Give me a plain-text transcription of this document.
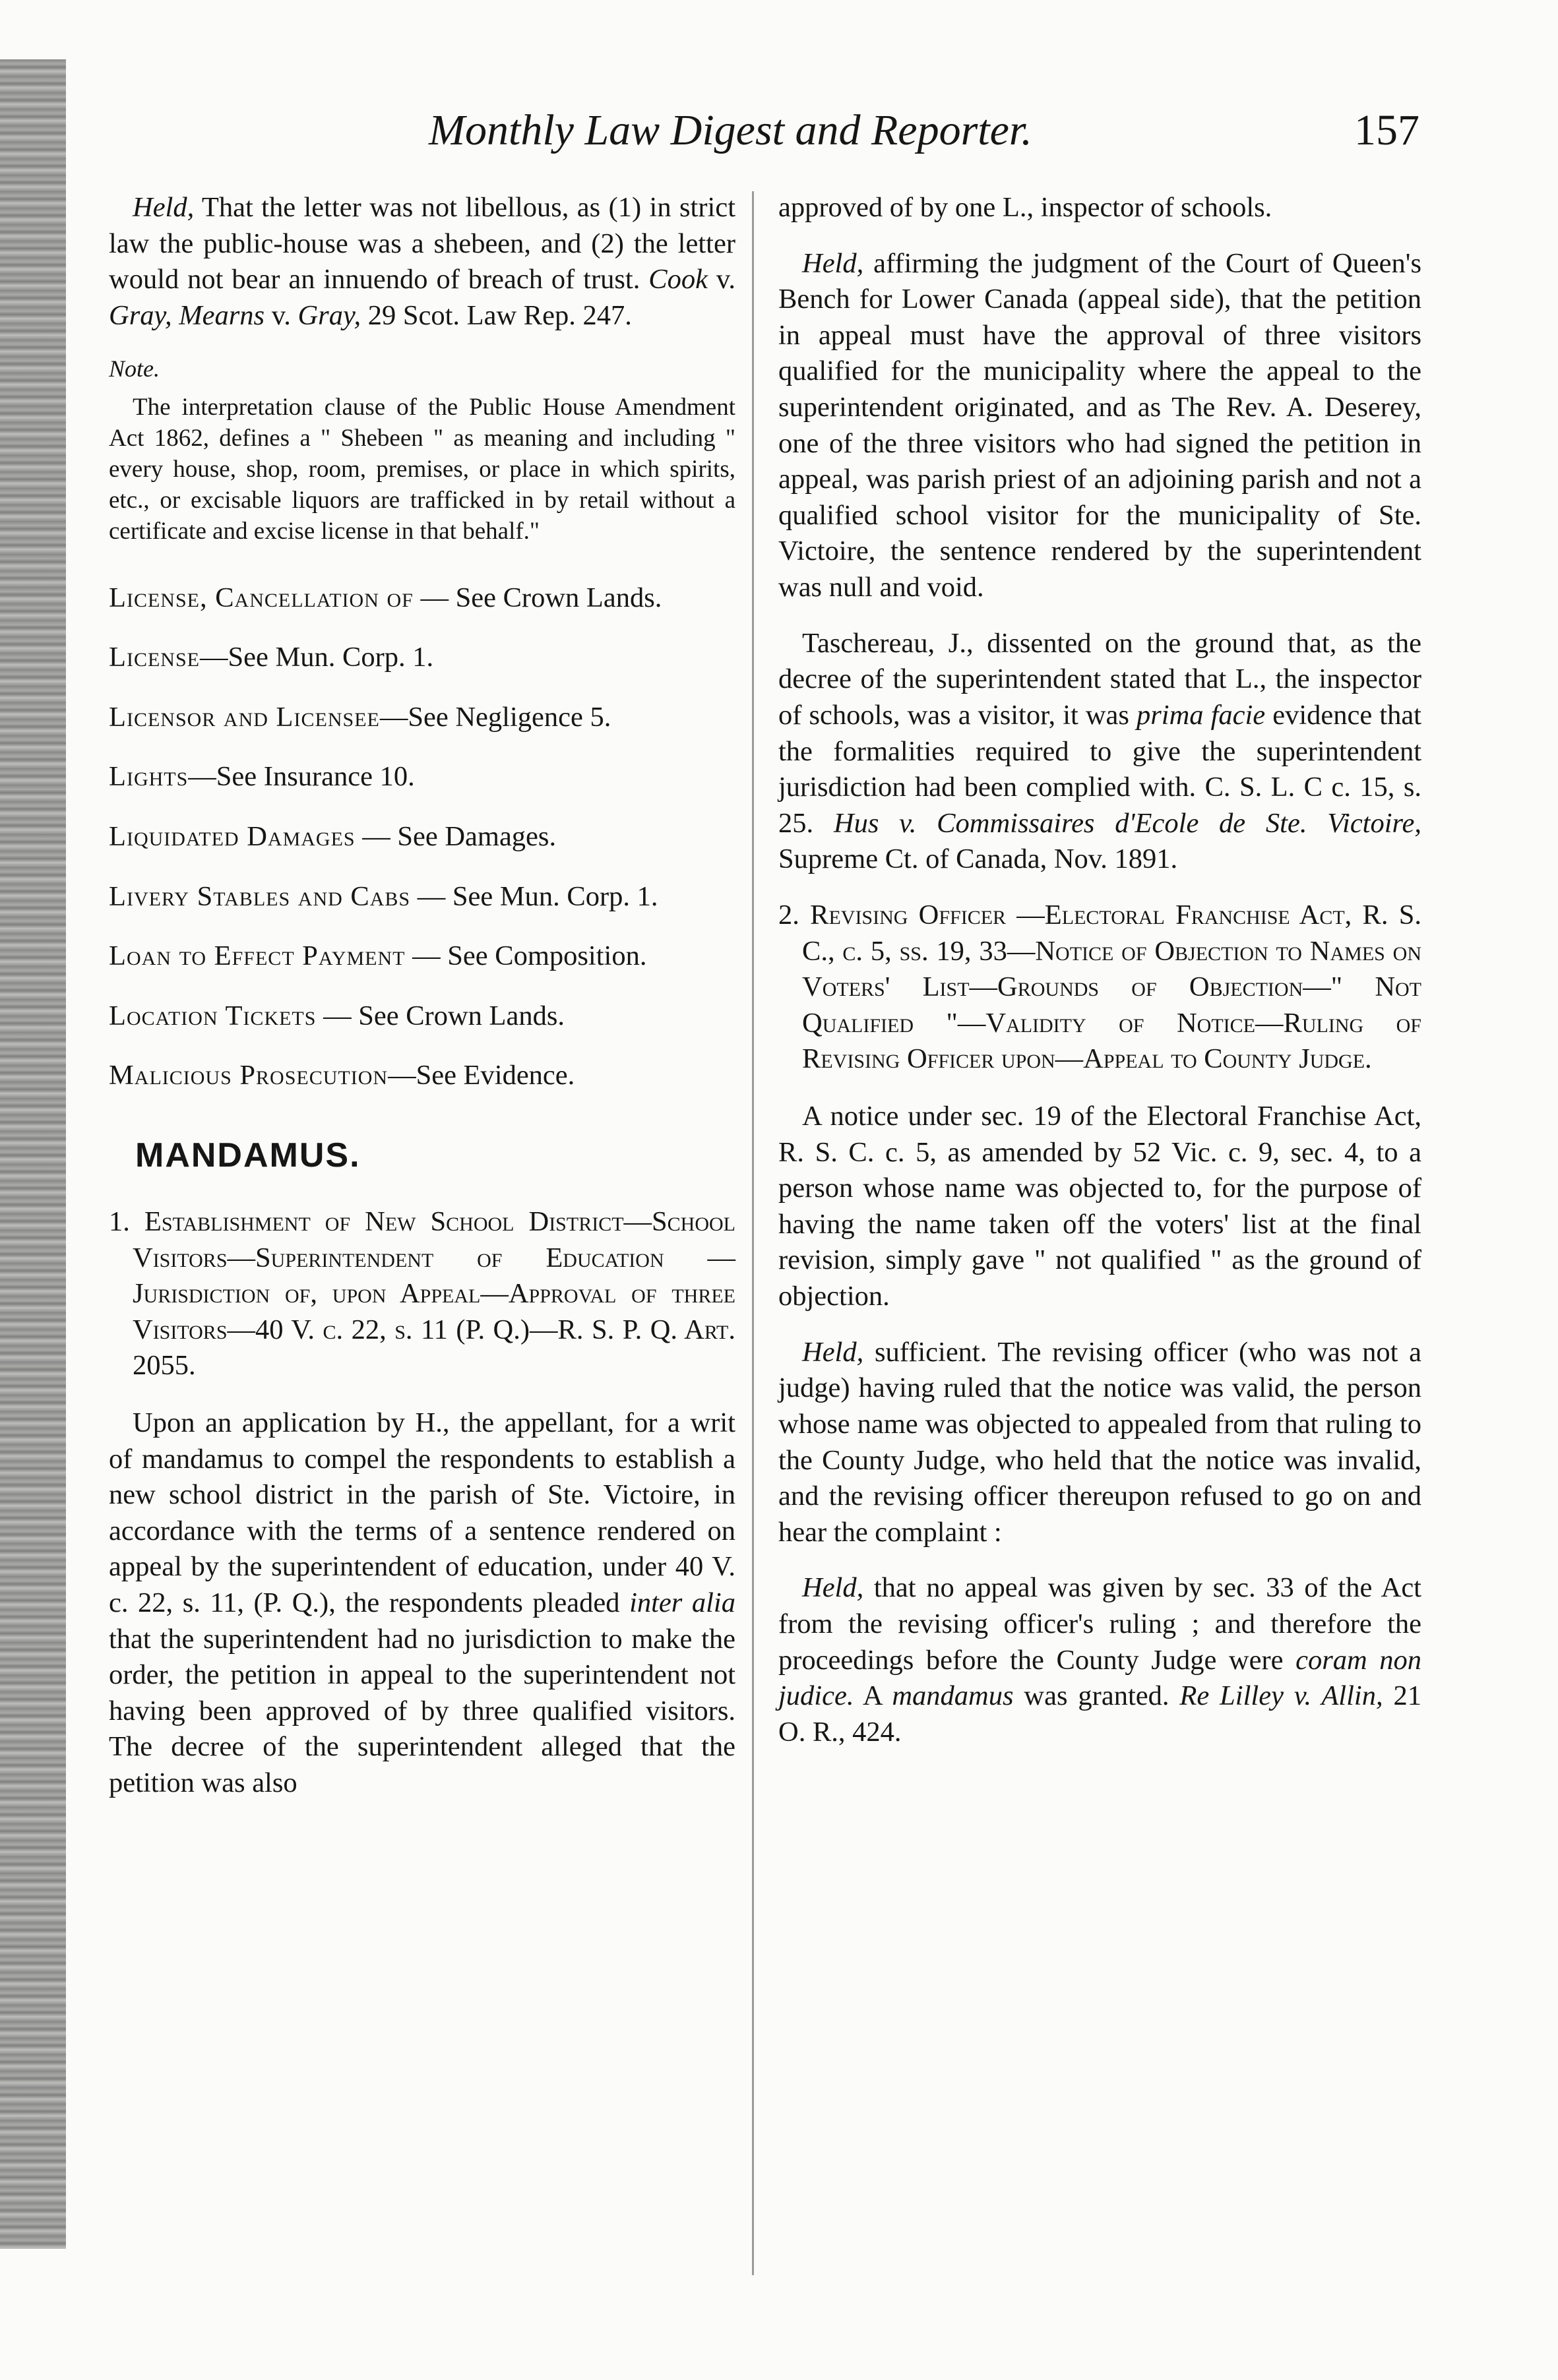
Monthly Law Digest and Reporter.	157

Held, That the letter was not libellous, as (1) in strict law the public-house was a shebeen, and (2) the letter would not bear an innuendo of breach of trust. Cook v. Gray, Mearns v. Gray, 29 Scot. Law Rep. 247.

Note.

The interpretation clause of the Public House Amendment Act 1862, defines a " Shebeen " as meaning and including " every house, shop, room, premises, or place in which spirits, etc., or excisable liquors are trafficked in by retail without a certificate and excise license in that behalf."

License, Cancellation of — See Crown Lands.

License—See Mun. Corp. 1.

Licensor and Licensee—See Negligence 5.

Lights—See Insurance 10.

Liquidated Damages — See Damages.

Livery Stables and Cabs — See Mun. Corp. 1.

Loan to Effect Payment — See Composition.

Location Tickets — See Crown Lands.

Malicious Prosecution—See Evidence.

MANDAMUS.

1. Establishment of New School District—School Visitors—Superintendent of Education — Jurisdiction of, upon Appeal—Approval of three Visitors—40 V. c. 22, s. 11 (P. Q.)—R. S. P. Q. Art. 2055.

Upon an application by H., the appellant, for a writ of mandamus to compel the respondents to establish a new school district in the parish of Ste. Victoire, in accordance with the terms of a sentence rendered on appeal by the superintendent of education, under 40 V. c. 22, s. 11, (P. Q.), the respondents pleaded inter alia that the superintendent had no jurisdiction to make the order, the petition in appeal to the superintendent not having been approved of by three qualified visitors. The decree of the superintendent alleged that the petition was also

approved of by one L., inspector of schools.

Held, affirming the judgment of the Court of Queen's Bench for Lower Canada (appeal side), that the petition in appeal must have the approval of three visitors qualified for the municipality where the appeal to the superintendent originated, and as The Rev. A. Deserey, one of the three visitors who had signed the petition in appeal, was parish priest of an adjoining parish and not a qualified school visitor for the municipality of Ste. Victoire, the sentence rendered by the superintendent was null and void.

Taschereau, J., dissented on the ground that, as the decree of the superintendent stated that L., the inspector of schools, was a visitor, it was prima facie evidence that the formalities required to give the superintendent jurisdiction had been complied with. C. S. L. C c. 15, s. 25. Hus v. Commissaires d'Ecole de Ste. Victoire, Supreme Ct. of Canada, Nov. 1891.

2. Revising Officer —Electoral Franchise Act, R. S. C., c. 5, ss. 19, 33—Notice of Objection to Names on Voters' List—Grounds of Objection—" Not Qualified "—Validity of Notice—Ruling of Revising Officer upon—Appeal to County Judge.

A notice under sec. 19 of the Electoral Franchise Act, R. S. C. c. 5, as amended by 52 Vic. c. 9, sec. 4, to a person whose name was objected to, for the purpose of having the name taken off the voters' list at the final revision, simply gave " not qualified " as the ground of objection.

Held, sufficient. The revising officer (who was not a judge) having ruled that the notice was valid, the person whose name was objected to appealed from that ruling to the County Judge, who held that the notice was invalid, and the revising officer thereupon refused to go on and hear the complaint :

Held, that no appeal was given by sec. 33 of the Act from the revising officer's ruling ; and therefore the proceedings before the County Judge were coram non judice. A mandamus was granted. Re Lilley v. Allin, 21 O. R., 424.
